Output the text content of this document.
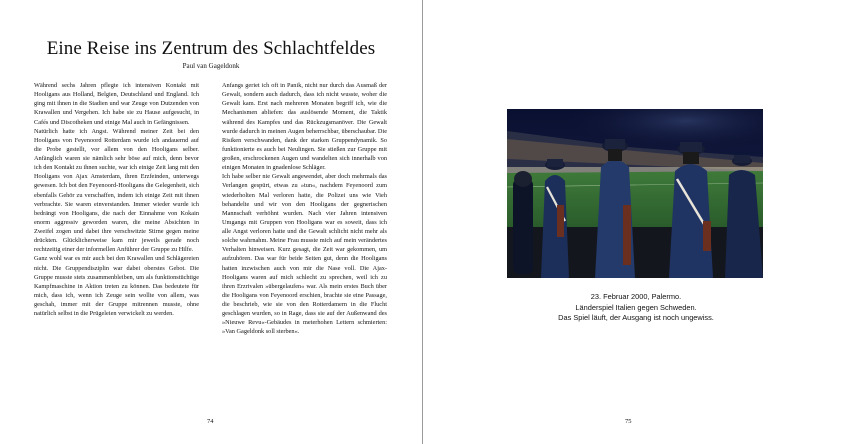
Eine Reise ins Zentrum des Schlachtfeldes
Paul van Gageldonk

Während sechs Jahren pflegte ich intensiven Kontakt mit Hooligans aus Holland, Belgien, Deutschland und England. Ich ging mit ihnen in die Stadien und war Zeuge von Dutzenden von Krawallen und Vergehen. Ich habe sie zu Hause aufgesucht, in Cafés und Discotheken und einige Mal auch in Gefängnissen.

Natürlich hatte ich Angst. Während meiner Zeit bei den Hooligans von Feyenoord Rotterdam wurde ich andauernd auf die Probe gestellt, vor allem von den Hooligans selber. Anfänglich waren sie nämlich sehr böse auf mich, denn bevor ich den Kontakt zu ihnen suchte, war ich einige Zeit lang mit den Hooligans von Ajax Amsterdam, ihren Erzfeinden, unterwegs gewesen. Ich bot den Feyenoord-Hooligans die Gelegenheit, sich ebenfalls Gehör zu verschaffen, indem ich einige Zeit mit ihnen verbrachte. Sie waren einverstanden. Immer wieder wurde ich bedrängt von Hooligans, die nach der Einnahme von Kokain enorm aggressiv geworden waren, die meine Absichten in Zweifel zogen und dabei ihre verschwitzte Stirne gegen meine drückten. Glücklicherweise kam mir jeweils gerade noch rechtzeitig einer der informellen Anführer der Gruppe zu Hilfe.

Ganz wohl war es mir auch bei den Krawallen und Schlägereien nicht. Die Gruppendisziplin war dabei oberstes Gebot. Die Gruppe musste stets zusammenbleiben, um als funktionstüchtige Kampfmaschine in Aktion treten zu können. Das bedeutete für mich, dass ich, wenn ich Zeuge sein wollte von allem, was geschah, immer mit der Gruppe mitrennen musste, ohne natürlich selbst in die Prügeleien verwickelt zu werden.

Anfangs geriet ich oft in Panik, nicht nur durch das Ausmaß der Gewalt, sondern auch dadurch, dass ich nicht wusste, woher die Gewalt kam. Erst nach mehreren Monaten begriff ich, wie die Mechanismen abliefen: das auslösende Moment, die Taktik während des Kampfes und das Rückzugsmanöver. Die Gewalt wurde dadurch in meinen Augen beherrschbar, überschaubar. Die Risiken verschwanden, dank der starken Gruppendynamik. So funktionierte es auch bei Neulingen. Sie stießen zur Gruppe mit großen, erschrockenen Augen und wandelten sich innerhalb von einigen Monaten in gnadenlose Schläger.

Ich habe selber nie Gewalt angewendet, aber doch mehrmals das Verlangen gespürt, etwas zu »tun«, nachdem Feyenoord zum wiederholten Mal verloren hatte, die Polizei uns wie Vieh behandelte und wir von den Hooligans der gegnerischen Mannschaft verhöhnt wurden. Nach vier Jahren intensiven Umgangs mit Gruppen von Hooligans war es soweit, dass ich alle Angst verloren hatte und die Gewalt schlicht nicht mehr als solche wahrnahm. Meine Frau musste mich auf mein verändertes Verhalten hinweisen. Kurz gesagt, die Zeit war gekommen, um aufzuhören. Das war für beide Seiten gut, denn die Hooligans hatten inzwischen auch von mir die Nase voll. Die Ajax-Hooligans waren auf mich schlecht zu sprechen, weil ich zu ihren Erzrivalen »übergelaufen« war. Als mein erstes Buch über die Hooligans von Feyenoord erschien, brachte sie eine Passage, die beschrieb, wie sie von den Rotterdamern in die Flucht geschlagen wurden, so in Rage, dass sie auf der Außenwand des »Nieuwe Revu«-Gebäudes in meterhohen Lettern schmierten: »Van Gageldonk soll sterben«.

74
23. Februar 2000, Palermo.
Länderspiel Italien gegen Schweden.
Das Spiel läuft, der Ausgang ist noch ungewiss.
75
